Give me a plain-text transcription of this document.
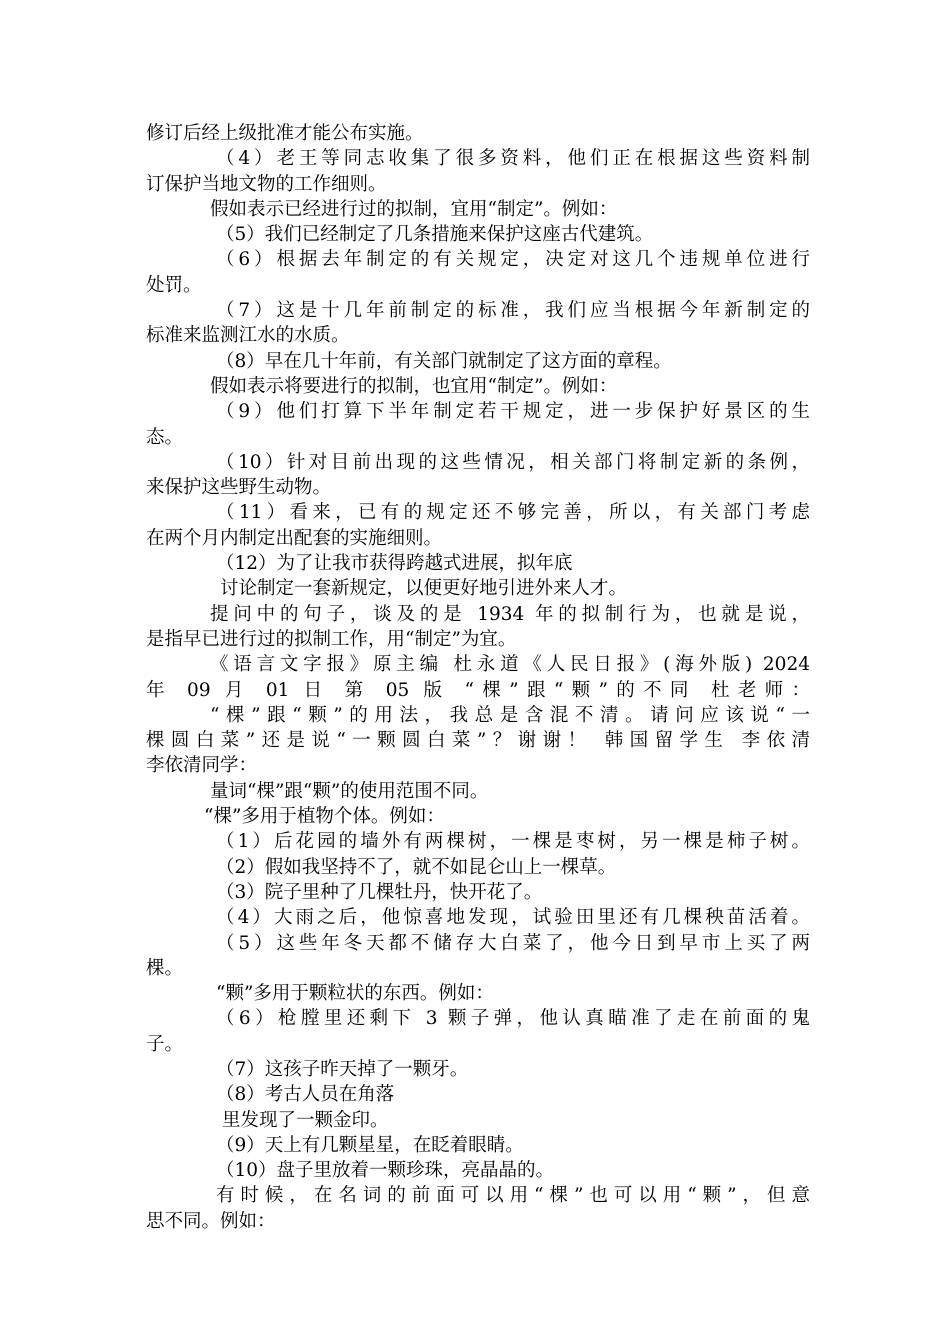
修订后经上级批准才能公布实施。
（4）老王等同志收集了很多资料，他们正在根据这些资料制
订保护当地文物的工作细则。
假如表示已经进行过的拟制，宜用“制定”。例如：
（5）我们已经制定了几条措施来保护这座古代建筑。
（6）根据去年制定的有关规定，决定对这几个违规单位进行
处罚。
（7）这是十几年前制定的标准，我们应当根据今年新制定的
标准来监测江水的水质。
（8）早在几十年前，有关部门就制定了这方面的章程。
假如表示将要进行的拟制，也宜用“制定”。例如：
（9）他们打算下半年制定若干规定，进一步保护好景区的生
态。
（10）针对目前出现的这些情况，相关部门将制定新的条例，
来保护这些野生动物。
（11）看来，已有的规定还不够完善，所以，有关部门考虑
在两个月内制定出配套的实施细则。
（12）为了让我市获得跨越式进展，拟年底
讨论制定一套新规定，以便更好地引进外来人才。
提问中的句子，谈及的是 1934 年的拟制行为，也就是说，
是指早已进行过的拟制工作，用“制定”为宜。
《语言文字报》原主编 杜永道《人民日报》(海外版) 2024
年 09 月 01 日 第 05 版 “棵”跟“颗”的不同 杜老师：
“棵”跟“颗”的用法，我总是含混不清。请问应该说“一
棵圆白菜”还是说“一颗圆白菜”？谢谢！ 韩国留学生 李依清
李依清同学：
量词“棵”跟“颗”的使用范围不同。
“棵”多用于植物个体。例如：
（1）后花园的墙外有两棵树，一棵是枣树，另一棵是柿子树。
（2）假如我坚持不了，就不如昆仑山上一棵草。
（3）院子里种了几棵牡丹，快开花了。
（4）大雨之后，他惊喜地发现，试验田里还有几棵秧苗活着。
（5）这些年冬天都不储存大白菜了，他今日到早市上买了两
棵。
“颗”多用于颗粒状的东西。例如：
（6）枪膛里还剩下 3 颗子弹，他认真瞄准了走在前面的鬼
子。
（7）这孩子昨天掉了一颗牙。
（8）考古人员在角落
里发现了一颗金印。
（9）天上有几颗星星，在眨着眼睛。
（10）盘子里放着一颗珍珠，亮晶晶的。
有时候，在名词的前面可以用“棵”也可以用“颗”，但意
思不同。例如：
